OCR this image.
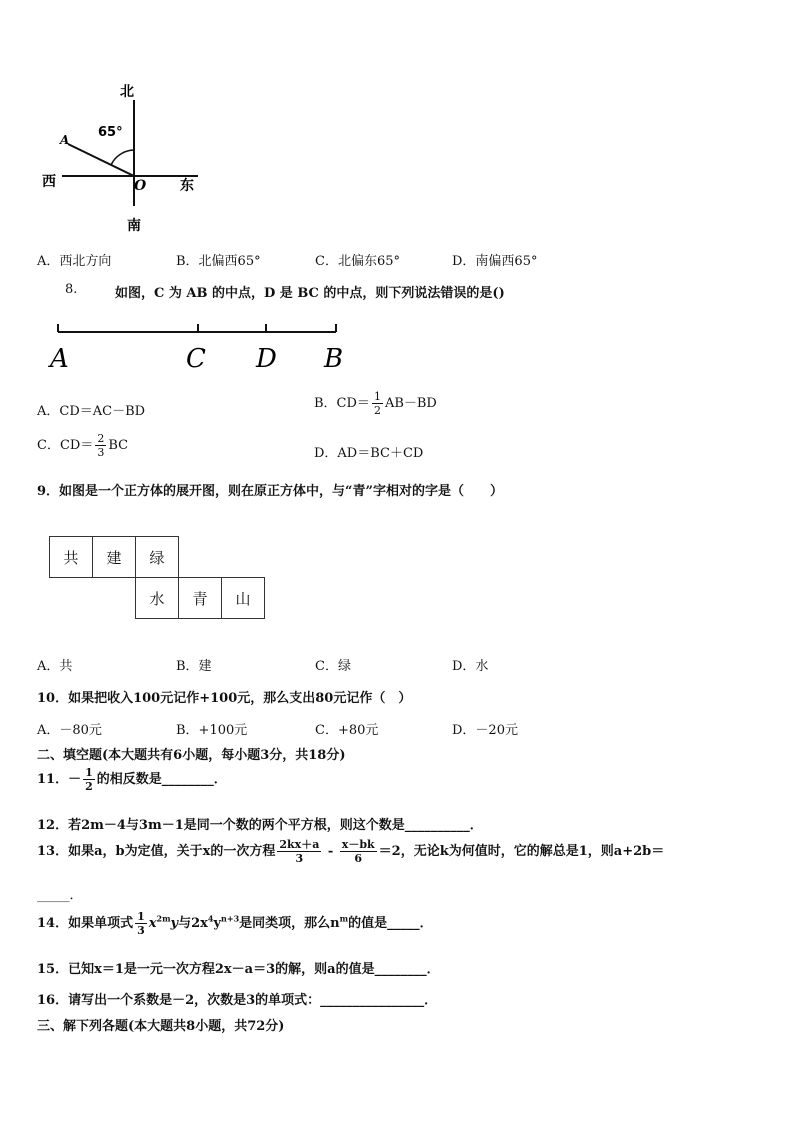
北
南
西	东
65°
A
O
A．西北方向	B．北偏西65°	C．北偏东65°	D．南偏西65°
8.	如图，C 为 AB 的中点，D 是 BC 的中点，则下列说法错误的是()
A	C D B
A．CD＝AC－BD
B．$CD= \frac{1}{2} AB-BD$
C．$CD= \frac{2}{3}$ BC
D．AD＝BC＋CD
9．如图是一个正方体的展开图，则在原正方体中，与“青”字相对的字是（　　）
共	建	绿		
		水	青	山
A．共	B．建	C．绿	D．水
10．如果把收入100元记作+100元，那么支出80元记作（　）
A．－80元	B．+100元	C．+80元	D．－20元
二、填空题(本大题共有6小题，每小题3分，共18分)
11．－ $\frac{1}{2}$ 的相反数是________．
12．若2m－4与3m－1是同一个数的两个平方根，则这个数是__________．
13．如果a，b为定值，关于x的一次方程 $\frac{2kx+a}{3} - \frac{x-bk}{6} =2$，无论k为何值时，它的解总是1，则a+2b＝
_____．
14．如果单项式 $\frac{1}{3} x^{2m}y$与$2x^4y^{n+3}$是同类项，那么$n^m$的值是_____．
15．已知x＝1是一元一次方程2x－a＝3的解，则a的值是________．
16．请写出一个系数是－2，次数是3的单项式：________________．
三、解下列各题(本大题共8小题，共72分)
